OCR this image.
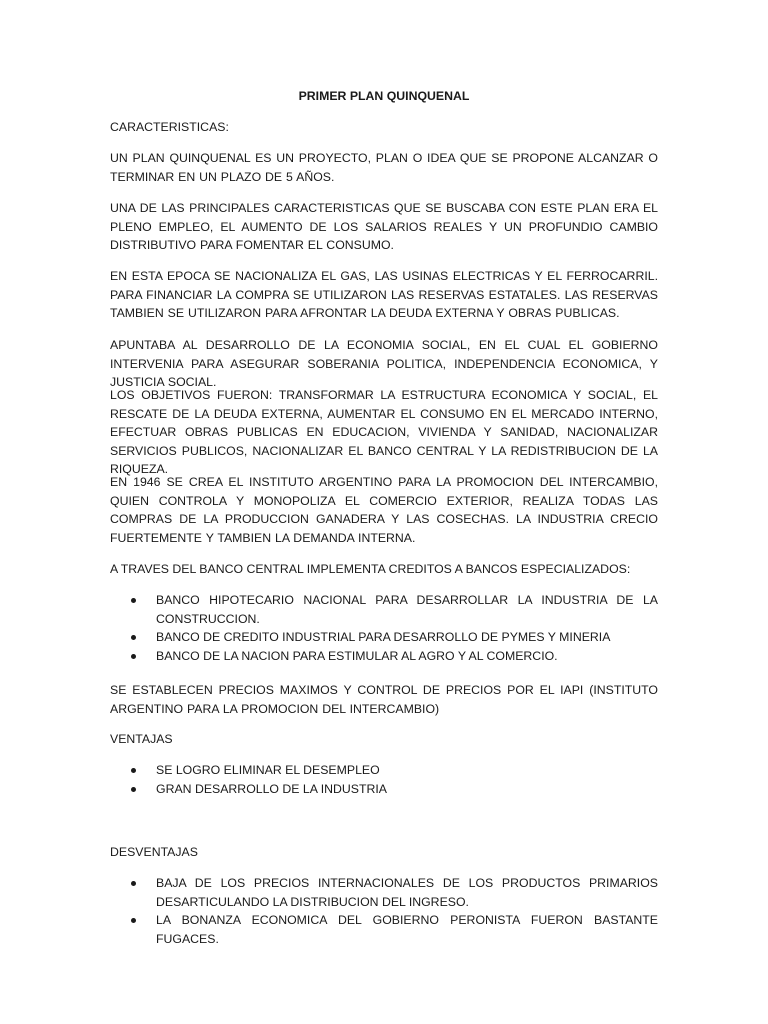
PRIMER PLAN QUINQUENAL
CARACTERISTICAS:
UN PLAN QUINQUENAL ES UN PROYECTO, PLAN O IDEA QUE SE PROPONE ALCANZAR O TERMINAR EN UN PLAZO DE 5 AÑOS.
UNA DE LAS PRINCIPALES CARACTERISTICAS QUE SE BUSCABA CON ESTE PLAN ERA EL PLENO EMPLEO, EL AUMENTO DE LOS SALARIOS REALES Y UN PROFUNDIO CAMBIO DISTRIBUTIVO PARA FOMENTAR EL CONSUMO.
EN ESTA EPOCA SE NACIONALIZA EL GAS, LAS USINAS ELECTRICAS Y EL FERROCARRIL. PARA FINANCIAR LA COMPRA SE UTILIZARON LAS RESERVAS ESTATALES. LAS RESERVAS TAMBIEN SE UTILIZARON PARA AFRONTAR LA DEUDA EXTERNA Y OBRAS PUBLICAS.
APUNTABA AL DESARROLLO DE LA ECONOMIA SOCIAL, EN EL CUAL EL GOBIERNO INTERVENIA PARA ASEGURAR SOBERANIA POLITICA, INDEPENDENCIA ECONOMICA, Y JUSTICIA SOCIAL.
LOS OBJETIVOS FUERON: TRANSFORMAR LA ESTRUCTURA ECONOMICA Y SOCIAL, EL RESCATE DE LA DEUDA EXTERNA, AUMENTAR EL CONSUMO EN EL MERCADO INTERNO, EFECTUAR OBRAS PUBLICAS EN EDUCACION, VIVIENDA Y SANIDAD, NACIONALIZAR SERVICIOS PUBLICOS, NACIONALIZAR EL BANCO CENTRAL Y LA REDISTRIBUCION DE LA RIQUEZA.
EN 1946 SE CREA EL INSTITUTO ARGENTINO PARA LA PROMOCION DEL INTERCAMBIO, QUIEN CONTROLA Y MONOPOLIZA EL COMERCIO EXTERIOR, REALIZA TODAS LAS COMPRAS DE LA PRODUCCION GANADERA Y LAS COSECHAS. LA INDUSTRIA CRECIO FUERTEMENTE Y TAMBIEN LA DEMANDA INTERNA.
A TRAVES DEL BANCO CENTRAL IMPLEMENTA CREDITOS A BANCOS ESPECIALIZADOS:
BANCO HIPOTECARIO NACIONAL PARA DESARROLLAR LA INDUSTRIA DE LA CONSTRUCCION.
BANCO DE CREDITO INDUSTRIAL PARA DESARROLLO DE PYMES Y MINERIA
BANCO DE LA NACION PARA ESTIMULAR AL AGRO Y AL COMERCIO.
SE ESTABLECEN PRECIOS MAXIMOS Y CONTROL DE PRECIOS POR EL IAPI (INSTITUTO ARGENTINO PARA LA PROMOCION DEL INTERCAMBIO)
VENTAJAS
SE LOGRO ELIMINAR EL DESEMPLEO
GRAN DESARROLLO DE LA INDUSTRIA
DESVENTAJAS
BAJA DE LOS PRECIOS INTERNACIONALES DE LOS PRODUCTOS PRIMARIOS DESARTICULANDO LA DISTRIBUCION DEL INGRESO.
LA BONANZA ECONOMICA DEL GOBIERNO PERONISTA FUERON BASTANTE FUGACES.
